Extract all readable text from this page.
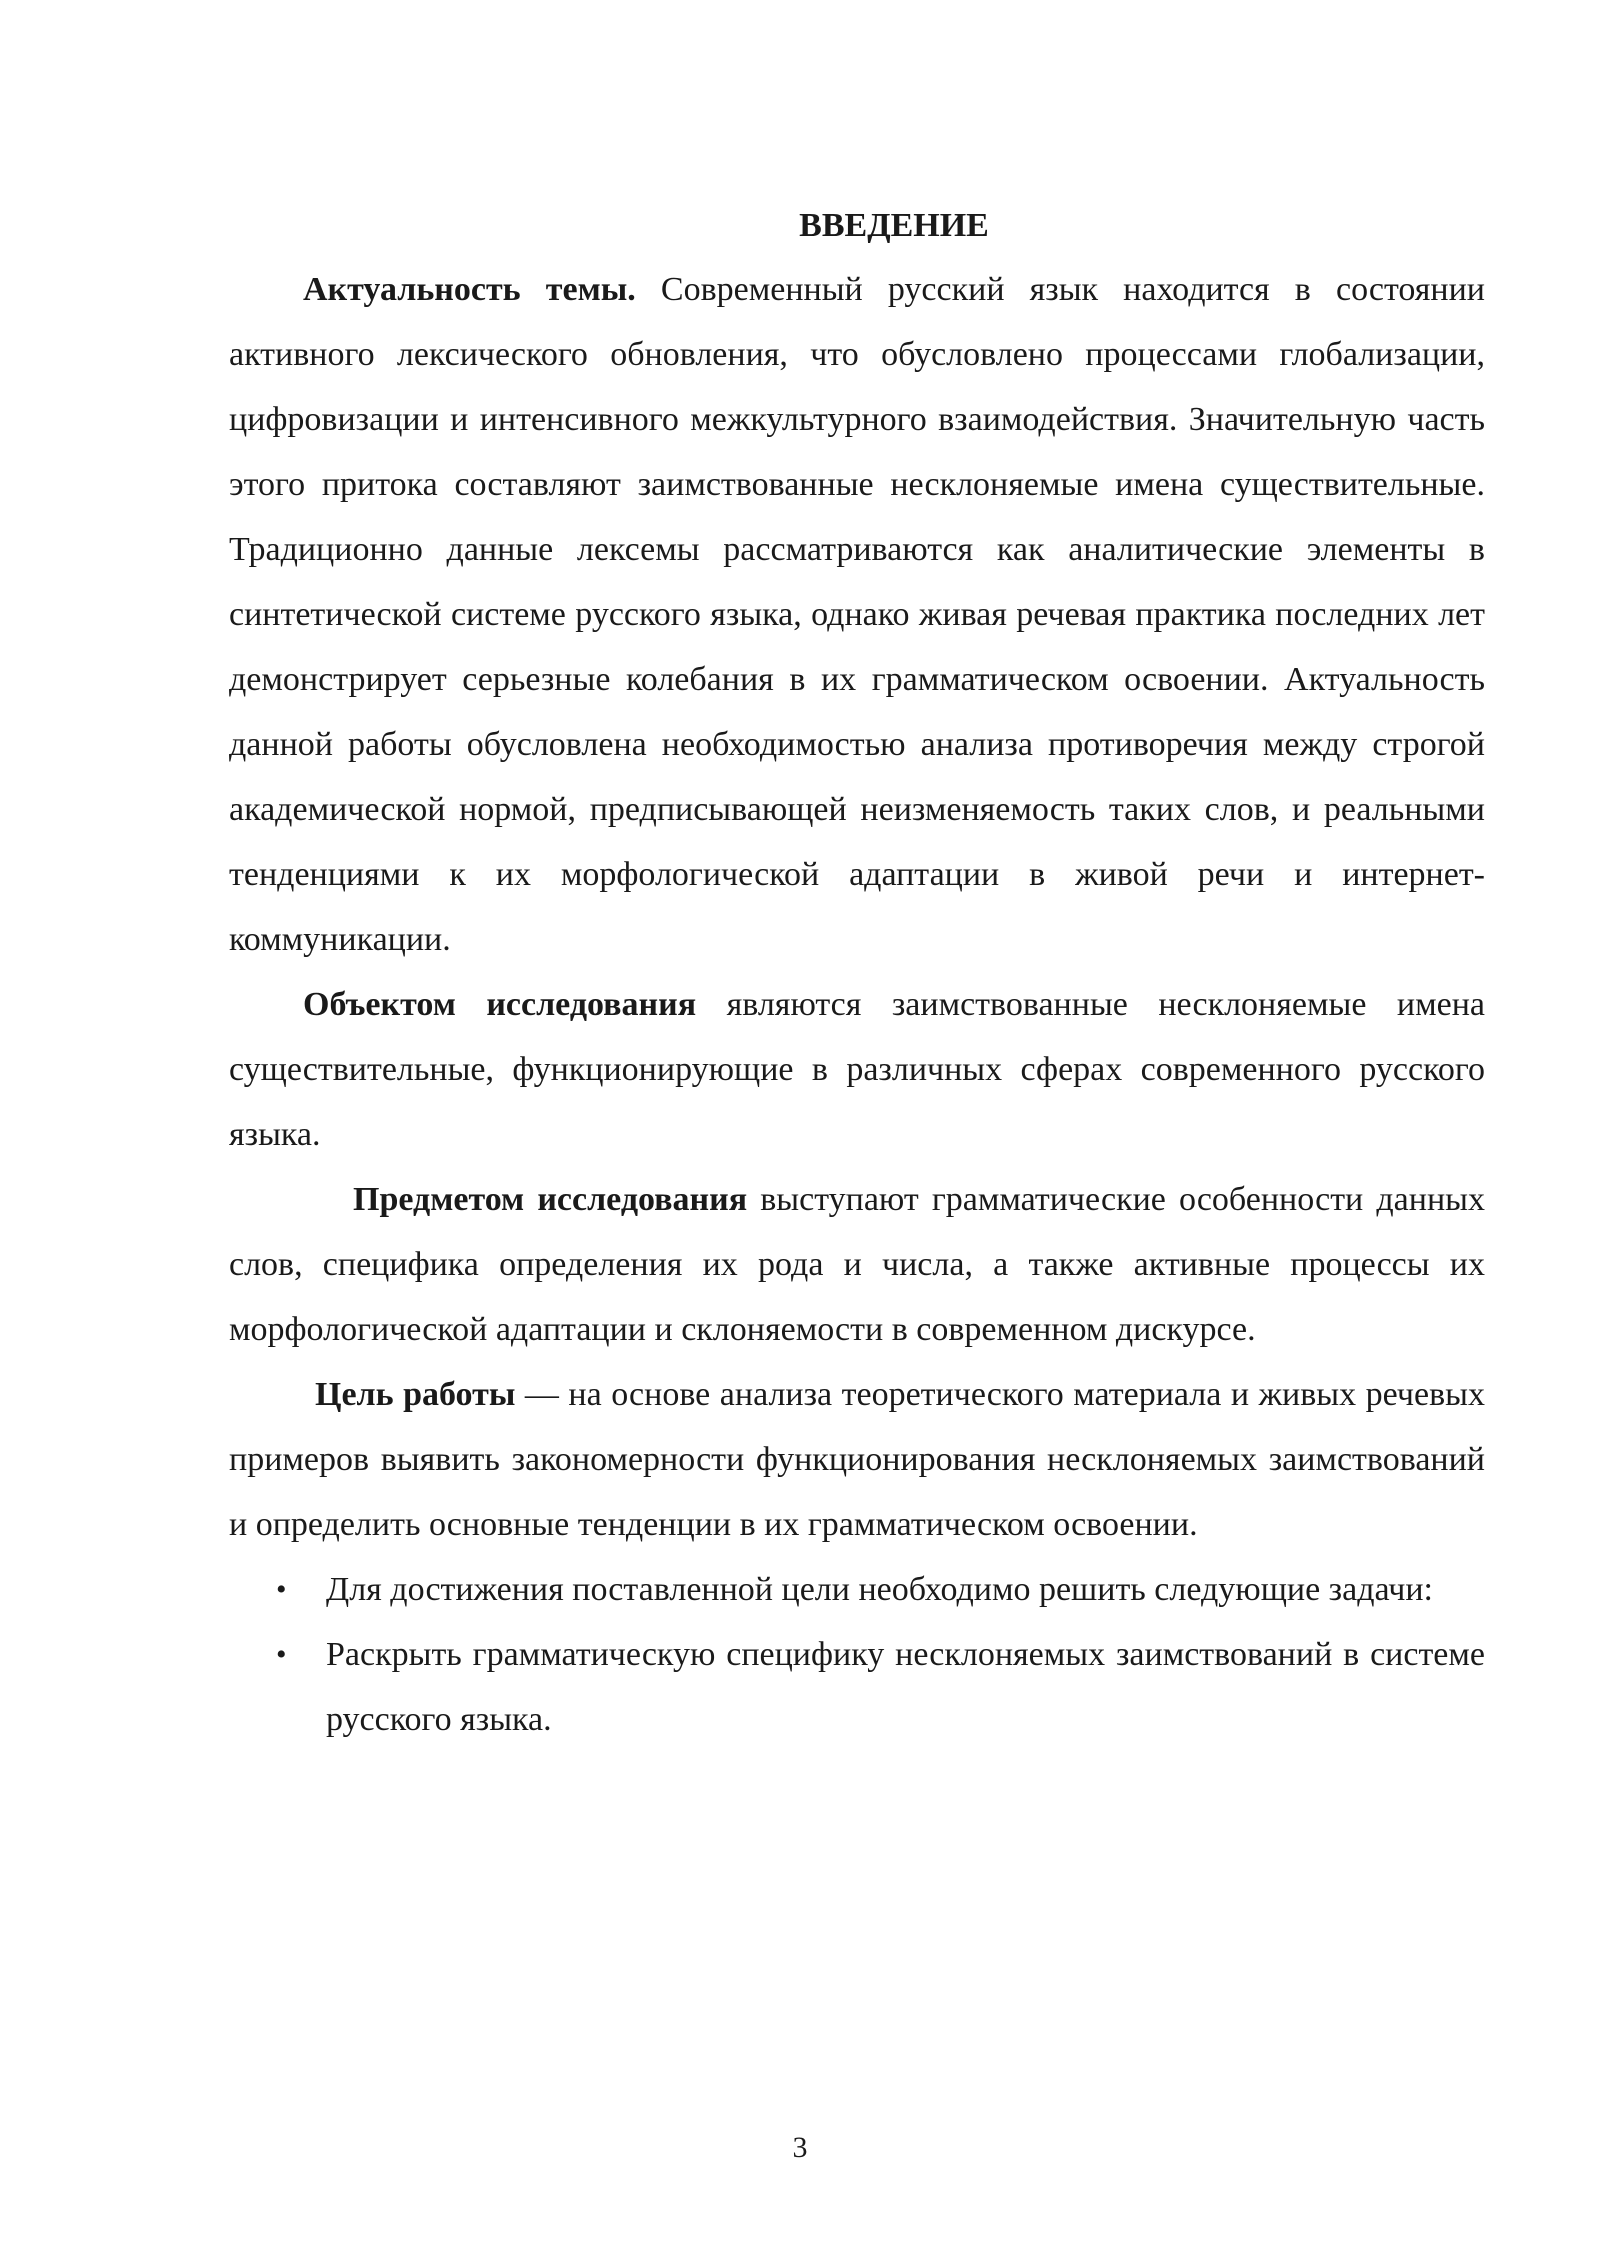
ВВЕДЕНИЕ

Актуальность темы. Современный русский язык находится в состоянии активного лексического обновления, что обусловлено процессами глобализации, цифровизации и интенсивного межкультурного взаимодействия. Значительную часть этого притока составляют заимствованные несклоняемые имена существительные. Традиционно данные лексемы рассматриваются как аналитические элементы в синтетической системе русского языка, однако живая речевая практика последних лет демонстрирует серьезные колебания в их грамматическом освоении. Актуальность данной работы обусловлена необходимостью анализа противоречия между строгой академической нормой, предписывающей неизменяемость таких слов, и реальными тенденциями к их морфологической адаптации в живой речи и интернет-коммуникации.

Объектом исследования являются заимствованные несклоняемые имена существительные, функционирующие в различных сферах современного русского языка.

Предметом исследования выступают грамматические особенности данных слов, специфика определения их рода и числа, а также активные процессы их морфологической адаптации и склоняемости в современном дискурсе.

Цель работы — на основе анализа теоретического материала и живых речевых примеров выявить закономерности функционирования несклоняемых заимствований и определить основные тенденции в их грамматическом освоении.

• Для достижения поставленной цели необходимо решить следующие задачи:
• Раскрыть грамматическую специфику несклоняемых заимствований в системе русского языка.
3
